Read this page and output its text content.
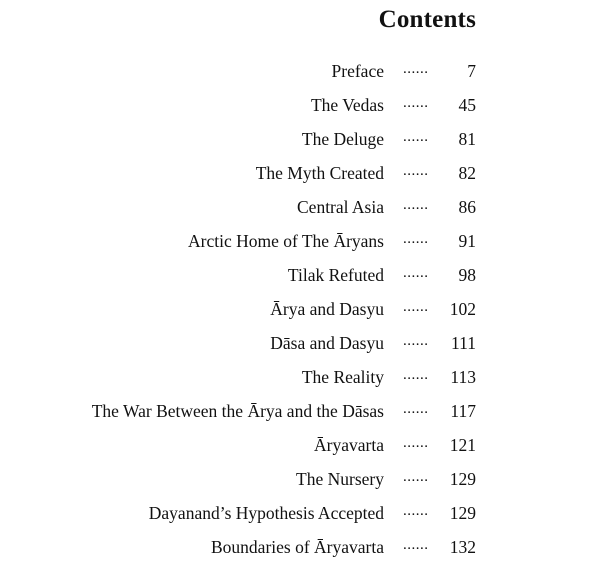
Contents
Preface ...... 7
The Vedas ...... 45
The Deluge ...... 81
The Myth Created ...... 82
Central Asia ...... 86
Arctic Home of The Āryans ...... 91
Tilak Refuted ...... 98
Ārya and Dasyu ...... 102
Dāsa and Dasyu ...... 111
The Reality ...... 113
The War Between the Ārya and the Dāsas ...... 117
Āryavarta ...... 121
The Nursery ...... 129
Dayanand’s Hypothesis Accepted ...... 129
Boundaries of Āryavarta ...... 132
